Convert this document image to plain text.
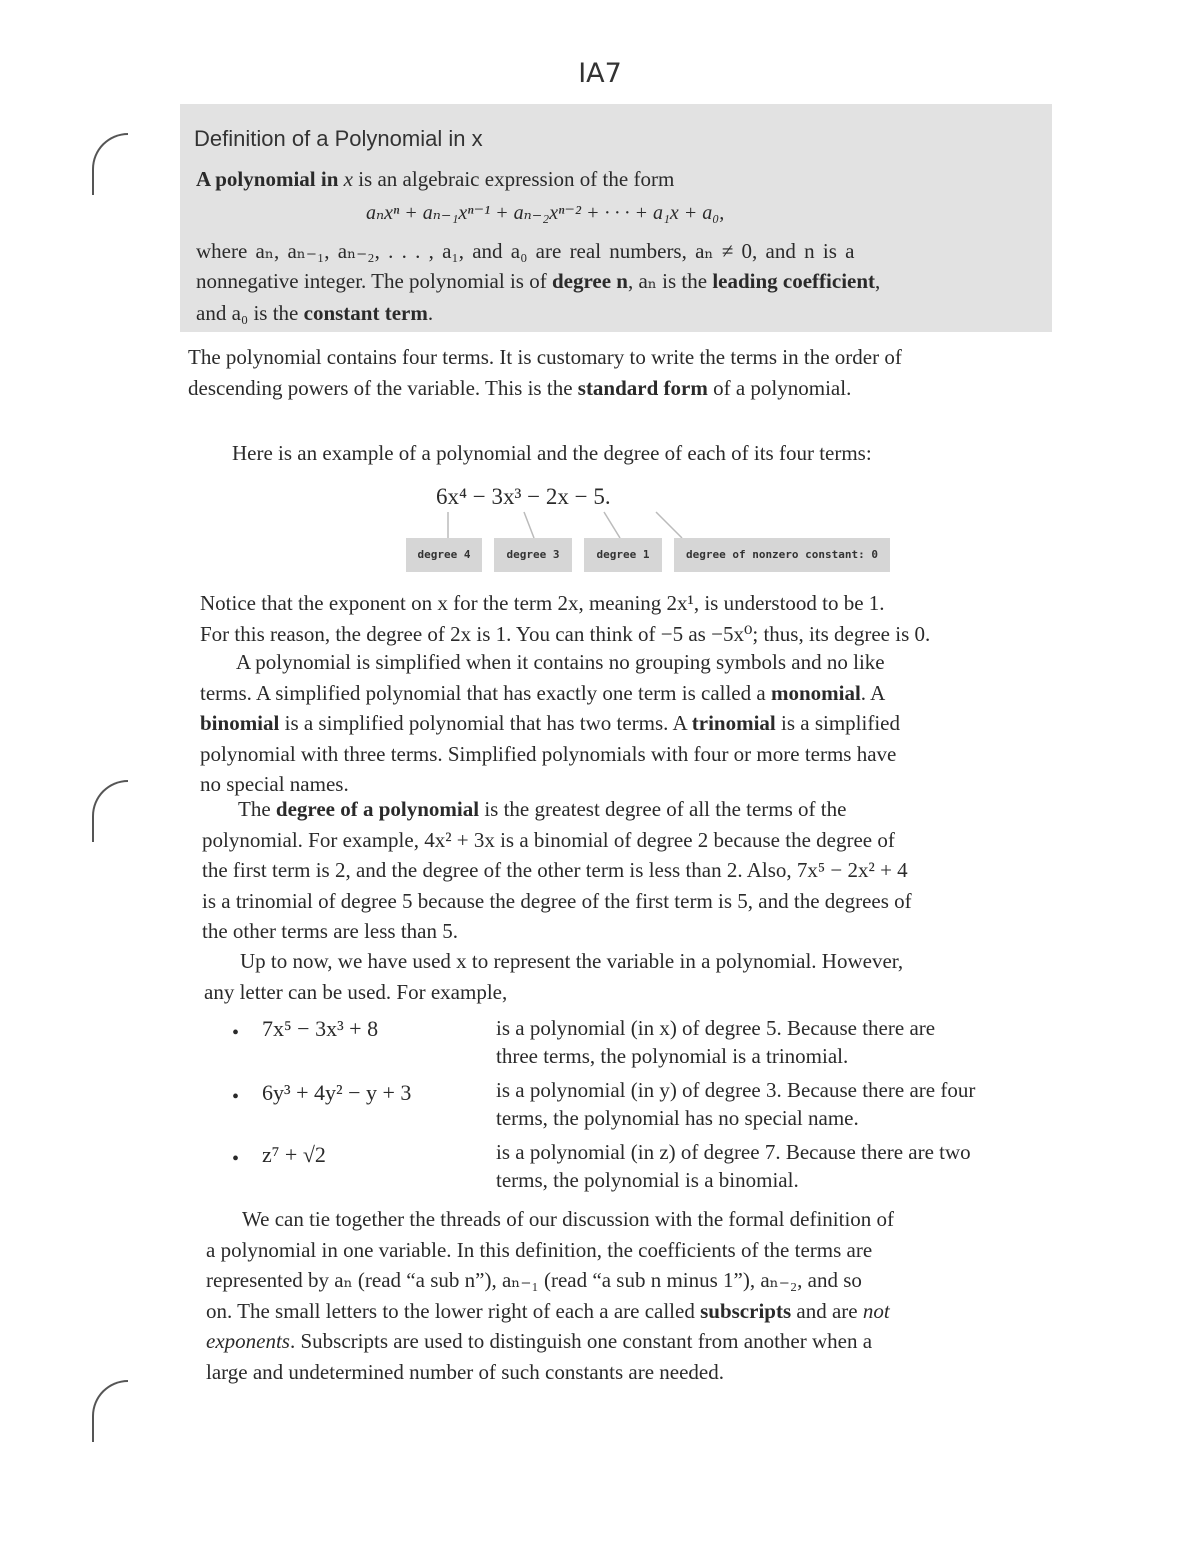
IA7
Definition of a Polynomial in x
A polynomial in x is an algebraic expression of the form
aₙxⁿ + aₙ₋₁xⁿ⁻¹ + aₙ₋₂xⁿ⁻² + · · · + a₁x + a₀,
where aₙ, aₙ₋₁, aₙ₋₂, . . . , a₁, and a₀ are real numbers, aₙ ≠ 0, and n is a
nonnegative integer. The polynomial is of degree n, aₙ is the leading coefficient,
and a₀ is the constant term.
The polynomial contains four terms. It is customary to write the terms in the order of
descending powers of the variable. This is the standard form of a polynomial.
Here is an example of a polynomial and the degree of each of its four terms:
6x⁴ − 3x³ − 2x − 5.
degree 4	degree 3	degree 1	degree of nonzero constant: 0
Notice that the exponent on x for the term 2x, meaning 2x¹, is understood to be 1.
For this reason, the degree of 2x is 1. You can think of −5 as −5x⁰; thus, its degree is 0.
A polynomial is simplified when it contains no grouping symbols and no like
terms. A simplified polynomial that has exactly one term is called a monomial. A
binomial is a simplified polynomial that has two terms. A trinomial is a simplified
polynomial with three terms. Simplified polynomials with four or more terms have
no special names.
The degree of a polynomial is the greatest degree of all the terms of the
polynomial. For example, 4x² + 3x is a binomial of degree 2 because the degree of
the first term is 2, and the degree of the other term is less than 2. Also, 7x⁵ − 2x² + 4
is a trinomial of degree 5 because the degree of the first term is 5, and the degrees of
the other terms are less than 5.
Up to now, we have used x to represent the variable in a polynomial. However,
any letter can be used. For example,
• 7x⁵ − 3x³ + 8	is a polynomial (in x) of degree 5. Because there are
three terms, the polynomial is a trinomial.
• 6y³ + 4y² − y + 3	is a polynomial (in y) of degree 3. Because there are four
terms, the polynomial has no special name.
• z⁷ + √2	is a polynomial (in z) of degree 7. Because there are two
terms, the polynomial is a binomial.
We can tie together the threads of our discussion with the formal definition of
a polynomial in one variable. In this definition, the coefficients of the terms are
represented by aₙ (read “a sub n”), aₙ₋₁ (read “a sub n minus 1”), aₙ₋₂, and so
on. The small letters to the lower right of each a are called subscripts and are not
exponents. Subscripts are used to distinguish one constant from another when a
large and undetermined number of such constants are needed.
